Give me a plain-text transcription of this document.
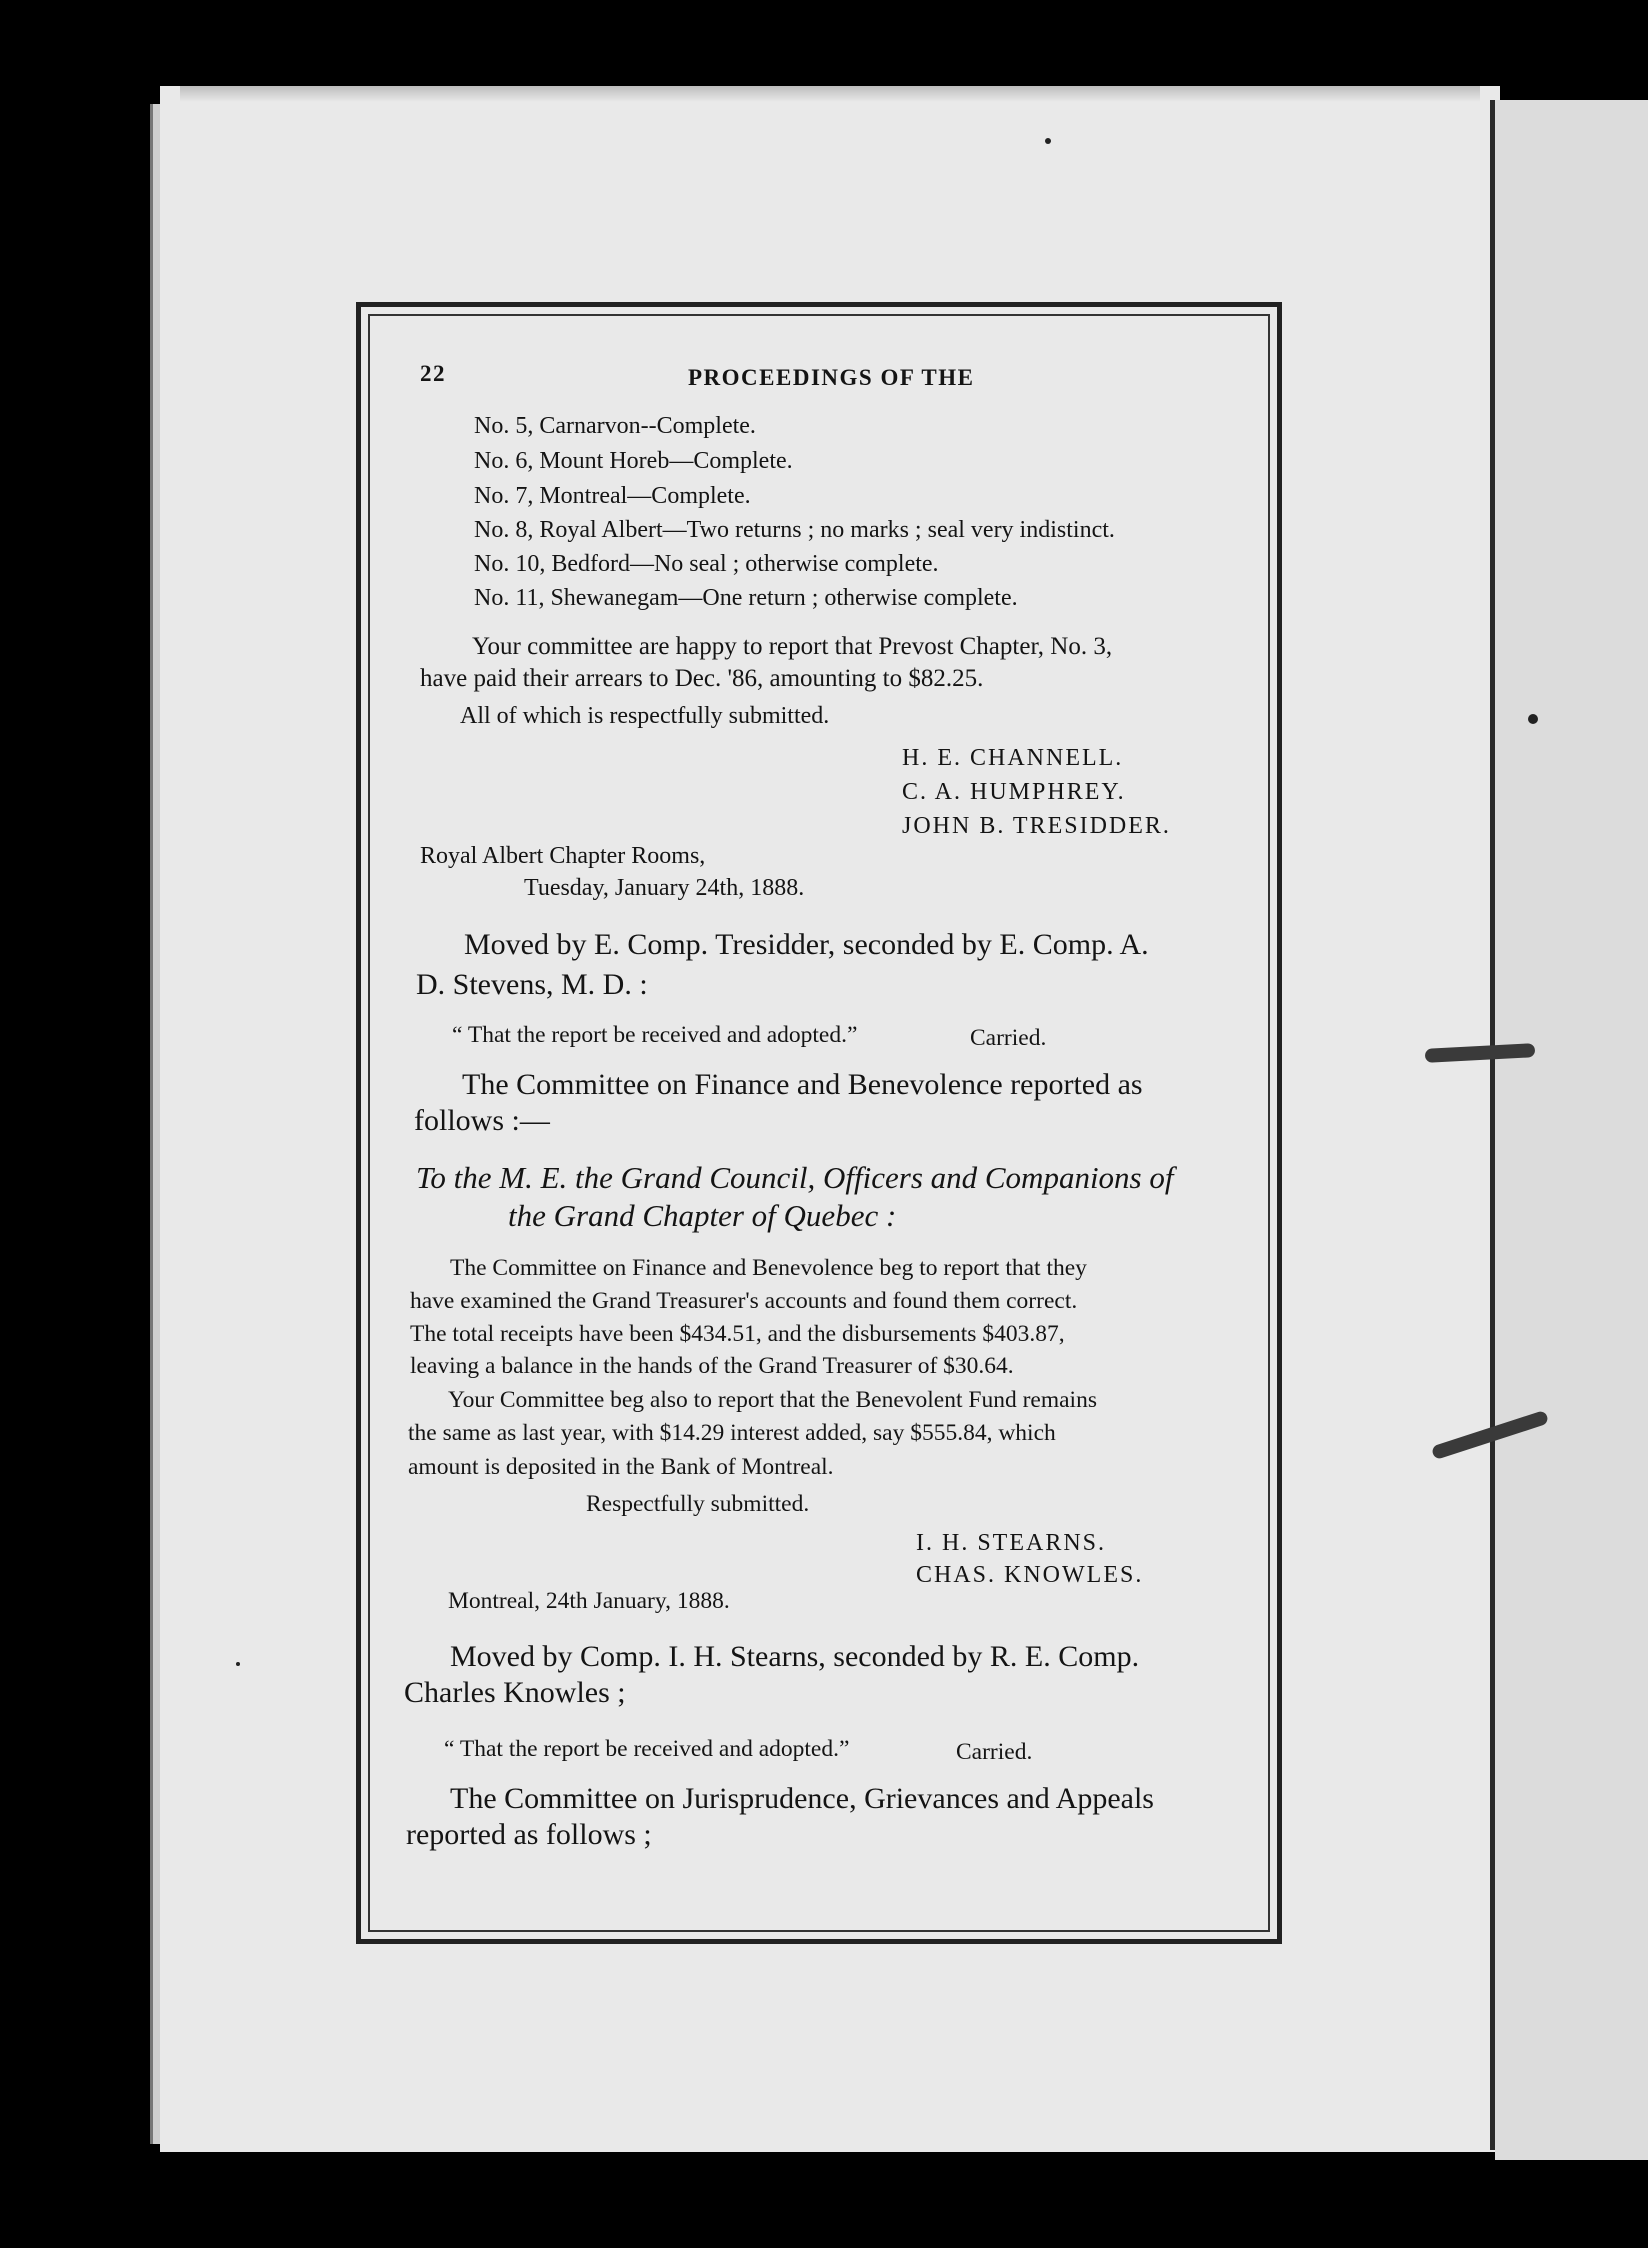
22	PROCEEDINGS OF THE
No. 5, Carnarvon--Complete.
No. 6, Mount Horeb—Complete.
No. 7, Montreal—Complete.
No. 8, Royal Albert—Two returns ; no marks ; seal very indistinct.
No. 10, Bedford—No seal ; otherwise complete.
No. 11, Shewanegam—One return ; otherwise complete.
Your committee are happy to report that Prevost Chapter, No. 3,
have paid their arrears to Dec. '86, amounting to $82.25.
All of which is respectfully submitted.
H. E. CHANNELL.
C. A. HUMPHREY.
JOHN B. TRESIDDER.
Royal Albert Chapter Rooms,
Tuesday, January 24th, 1888.
Moved by E. Comp. Tresidder, seconded by E. Comp. A.
D. Stevens, M. D. :
“ That the report be received and adopted.”	Carried.
The Committee on Finance and Benevolence reported as
follows :—
To the M. E. the Grand Council, Officers and Companions of
the Grand Chapter of Quebec :
The Committee on Finance and Benevolence beg to report that they
have examined the Grand Treasurer's accounts and found them correct.
The total receipts have been $434.51, and the disbursements $403.87,
leaving a balance in the hands of the Grand Treasurer of $30.64.
Your Committee beg also to report that the Benevolent Fund remains
the same as last year, with $14.29 interest added, say $555.84, which
amount is deposited in the Bank of Montreal.
Respectfully submitted.
I. H. STEARNS.
CHAS. KNOWLES.
Montreal, 24th January, 1888.
Moved by Comp. I. H. Stearns, seconded by R. E. Comp.
Charles Knowles ;
“ That the report be received and adopted.”	Carried.
The Committee on Jurisprudence, Grievances and Appeals
reported as follows ;
